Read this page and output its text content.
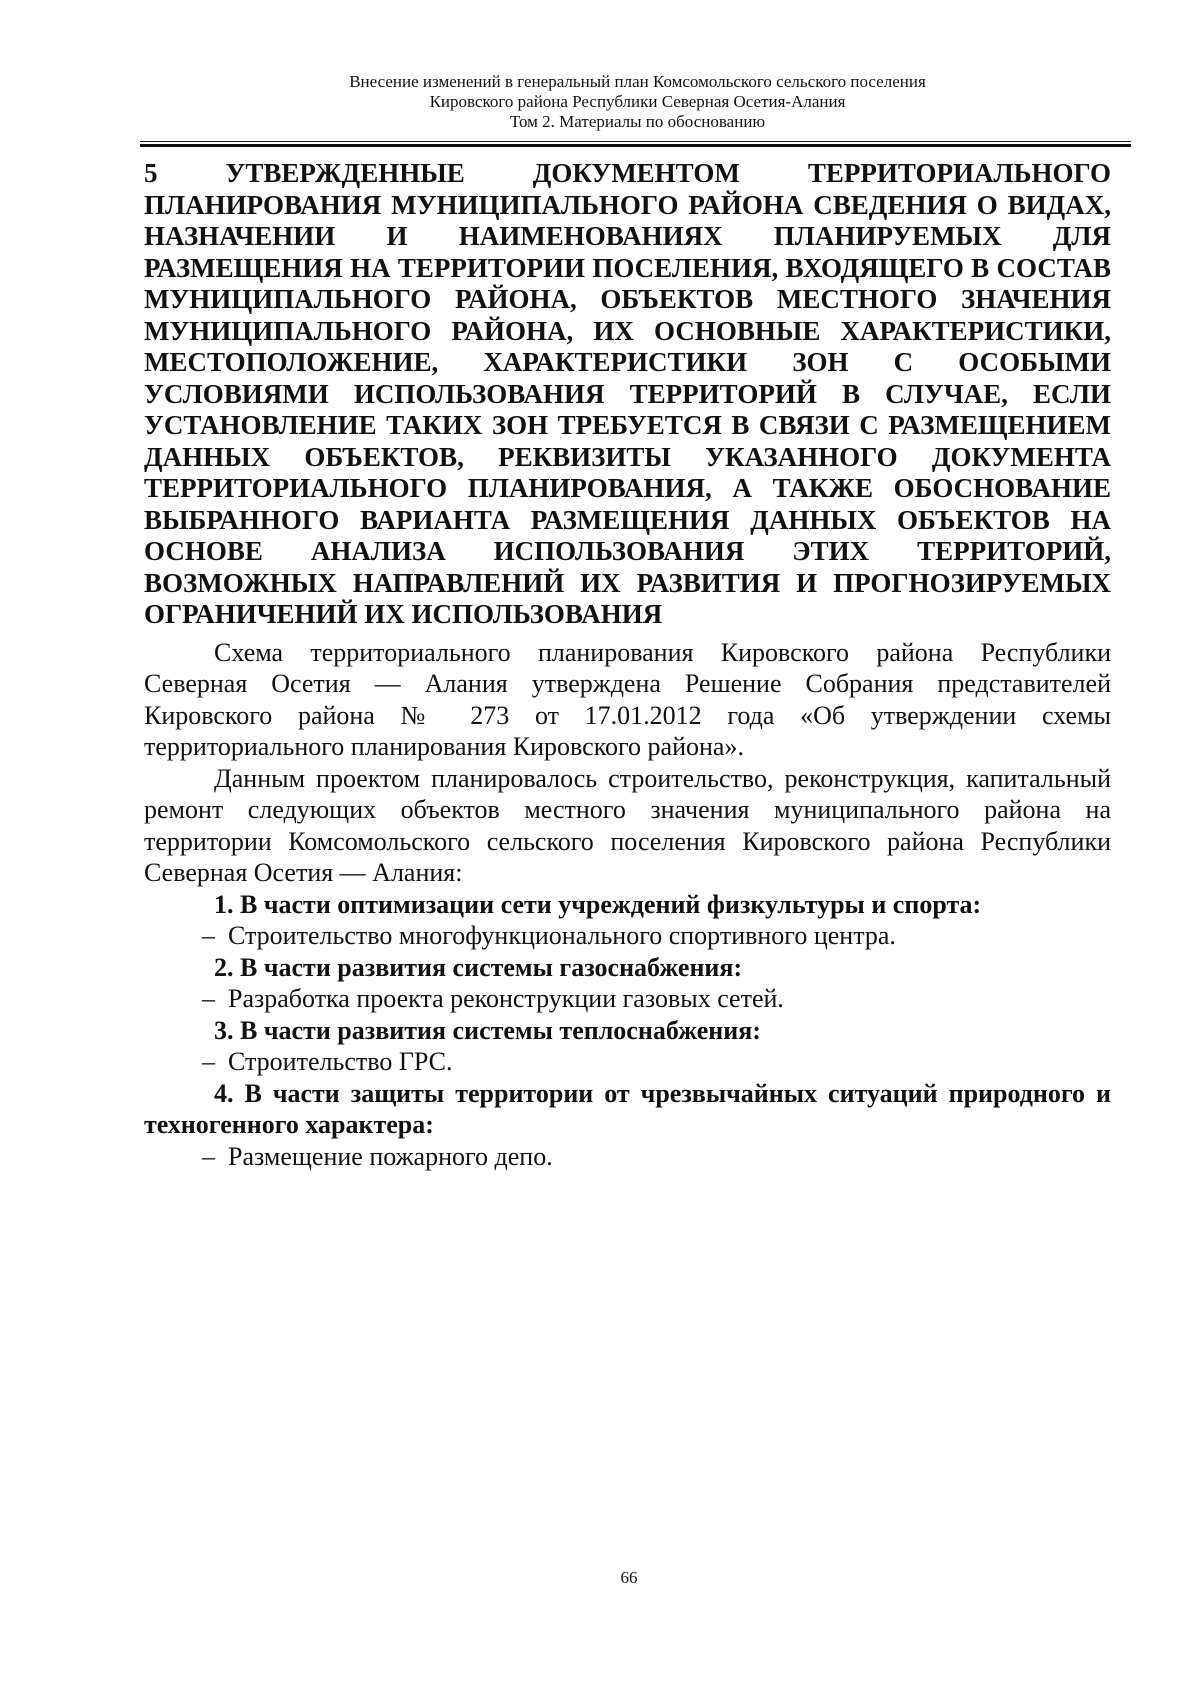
Внесение изменений в генеральный план Комсомольского сельского поселения
Кировского района Республики Северная Осетия-Алания
Том 2. Материалы по обоснованию

5 УТВЕРЖДЕННЫЕ ДОКУМЕНТОМ ТЕРРИТОРИАЛЬНОГО ПЛАНИРОВАНИЯ МУНИЦИПАЛЬНОГО РАЙОНА СВЕДЕНИЯ О ВИДАХ, НАЗНАЧЕНИИ И НАИМЕНОВАНИЯХ ПЛАНИРУЕМЫХ ДЛЯ РАЗМЕЩЕНИЯ НА ТЕРРИТОРИИ ПОСЕЛЕНИЯ, ВХОДЯЩЕГО В СОСТАВ МУНИЦИПАЛЬНОГО РАЙОНА, ОБЪЕКТОВ МЕСТНОГО ЗНАЧЕНИЯ МУНИЦИПАЛЬНОГО РАЙОНА, ИХ ОСНОВНЫЕ ХАРАКТЕРИСТИКИ, МЕСТОПОЛОЖЕНИЕ, ХАРАКТЕРИСТИКИ ЗОН С ОСОБЫМИ УСЛОВИЯМИ ИСПОЛЬЗОВАНИЯ ТЕРРИТОРИЙ В СЛУЧАЕ, ЕСЛИ УСТАНОВЛЕНИЕ ТАКИХ ЗОН ТРЕБУЕТСЯ В СВЯЗИ С РАЗМЕЩЕНИЕМ ДАННЫХ ОБЪЕКТОВ, РЕКВИЗИТЫ УКАЗАННОГО ДОКУМЕНТА ТЕРРИТОРИАЛЬНОГО ПЛАНИРОВАНИЯ, А ТАКЖЕ ОБОСНОВАНИЕ ВЫБРАННОГО ВАРИАНТА РАЗМЕЩЕНИЯ ДАННЫХ ОБЪЕКТОВ НА ОСНОВЕ АНАЛИЗА ИСПОЛЬЗОВАНИЯ ЭТИХ ТЕРРИТОРИЙ, ВОЗМОЖНЫХ НАПРАВЛЕНИЙ ИХ РАЗВИТИЯ И ПРОГНОЗИРУЕМЫХ ОГРАНИЧЕНИЙ ИХ ИСПОЛЬЗОВАНИЯ

Схема территориального планирования Кировского района Республики Северная Осетия — Алания утверждена Решение Собрания представителей Кировского района № 273 от 17.01.2012 года «Об утверждении схемы территориального планирования Кировского района».

Данным проектом планировалось строительство, реконструкция, капитальный ремонт следующих объектов местного значения муниципального района на территории Комсомольского сельского поселения Кировского района Республики Северная Осетия — Алания:

1. В части оптимизации сети учреждений физкультуры и спорта:

– Строительство многофункционального спортивного центра.

2. В части развития системы газоснабжения:

– Разработка проекта реконструкции газовых сетей.

3. В части развития системы теплоснабжения:

– Строительство ГРС.

4. В части защиты территории от чрезвычайных ситуаций природного и техногенного характера:

– Размещение пожарного депо.

66
